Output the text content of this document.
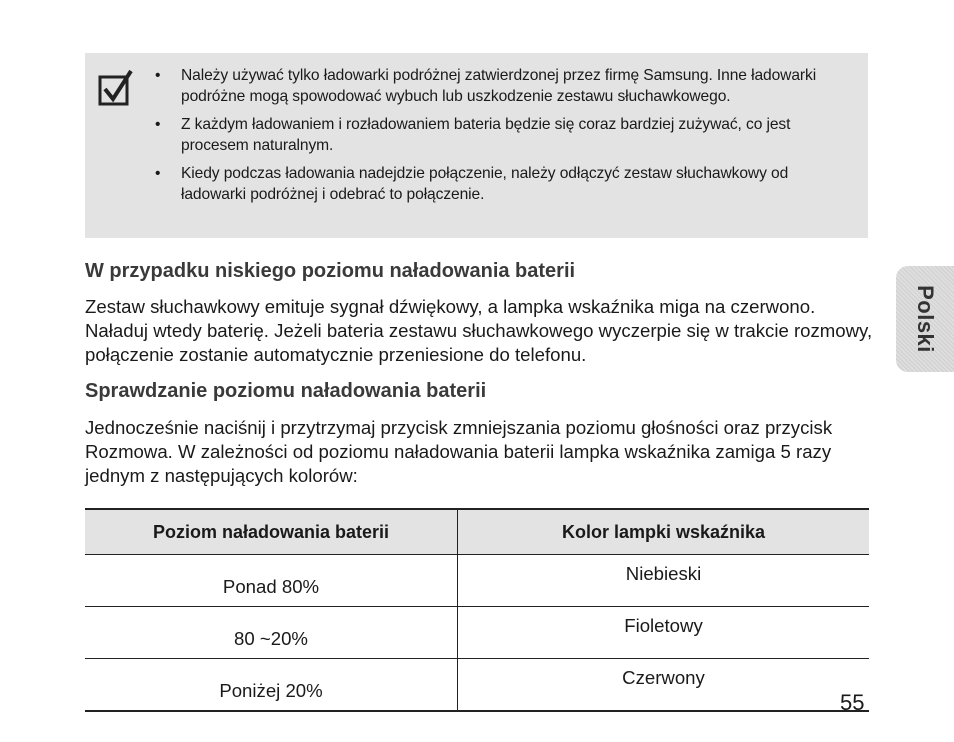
• Należy używać tylko ładowarki podróżnej zatwierdzonej przez firmę Samsung. Inne ładowarki podróżne mogą spowodować wybuch lub uszkodzenie zestawu słuchawkowego.
• Z każdym ładowaniem i rozładowaniem bateria będzie się coraz bardziej zużywać, co jest procesem naturalnym.
• Kiedy podczas ładowania nadejdzie połączenie, należy odłączyć zestaw słuchawkowy od ładowarki podróżnej i odebrać to połączenie.
W przypadku niskiego poziomu naładowania baterii

Zestaw słuchawkowy emituje sygnał dźwiękowy, a lampka wskaźnika miga na czerwono. Naładuj wtedy baterię. Jeżeli bateria zestawu słuchawkowego wyczerpie się w trakcie rozmowy, połączenie zostanie automatycznie przeniesione do telefonu.

Sprawdzanie poziomu naładowania baterii

Jednocześnie naciśnij i przytrzymaj przycisk zmniejszania poziomu głośności oraz przycisk Rozmowa. W zależności od poziomu naładowania baterii lampka wskaźnika zamiga 5 razy jednym z następujących kolorów:

Polski
Poziom naładowania baterii	Kolor lampki wskaźnika
Ponad 80%	Niebieski
80 ~20%	Fioletowy
Poniżej 20%	Czerwony
55
